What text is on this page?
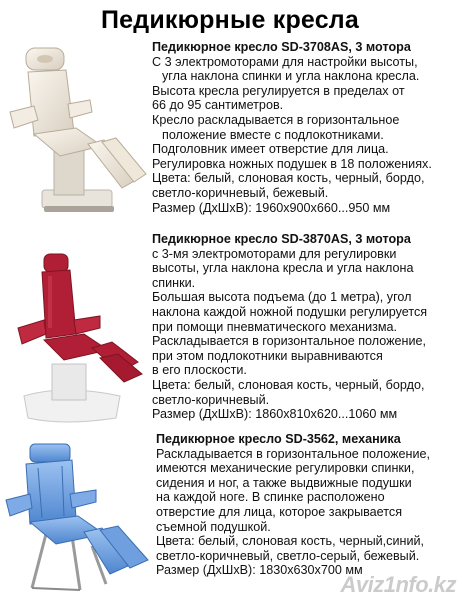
Педикюрные кресла
Педикюрное кресло SD-3708AS, 3 мотора
С 3 электромоторами для настройки высоты,
угла наклона спинки и угла наклона кресла.
Высота кресла регулируется в пределах от
66 до 95 сантиметров.
Кресло раскладывается в горизонтальное
положение вместе с подлокотниками.
Подголовник имеет отверстие для лица.
Регулировка ножных подушек в 18 положениях.
Цвета: белый, слоновая кость, черный, бордо,
светло-коричневый, бежевый.
Размер (ДхШхВ): 1960х900х660...950 мм
Педикюрное кресло SD-3870AS, 3 мотора
с 3-мя электромоторами для регулировки
высоты, угла наклона кресла и угла наклона
спинки.
Большая высота подъема (до 1 метра), угол
наклона каждой ножной подушки регулируется
при помощи пневматического механизма.
Раскладывается в горизонтальное положение,
при этом подлокотники выравниваются
в его плоскости.
Цвета: белый, слоновая кость, черный, бордо,
светло-коричневый.
Размер (ДхШхВ): 1860х810х620...1060 мм
Педикюрное кресло SD-3562, механика
Раскладывается в горизонтальное положение,
имеются механические регулировки спинки,
сидения и ног, а также выдвижные подушки
на каждой ноге. В спинке расположено
отверстие для лица, которое закрывается
съемной подушкой.
Цвета: белый, слоновая кость, черный,синий,
светло-коричневый, светло-серый, бежевый.
Размер (ДхШхВ): 1830х630х700 мм
Aviz1nfo.kz
